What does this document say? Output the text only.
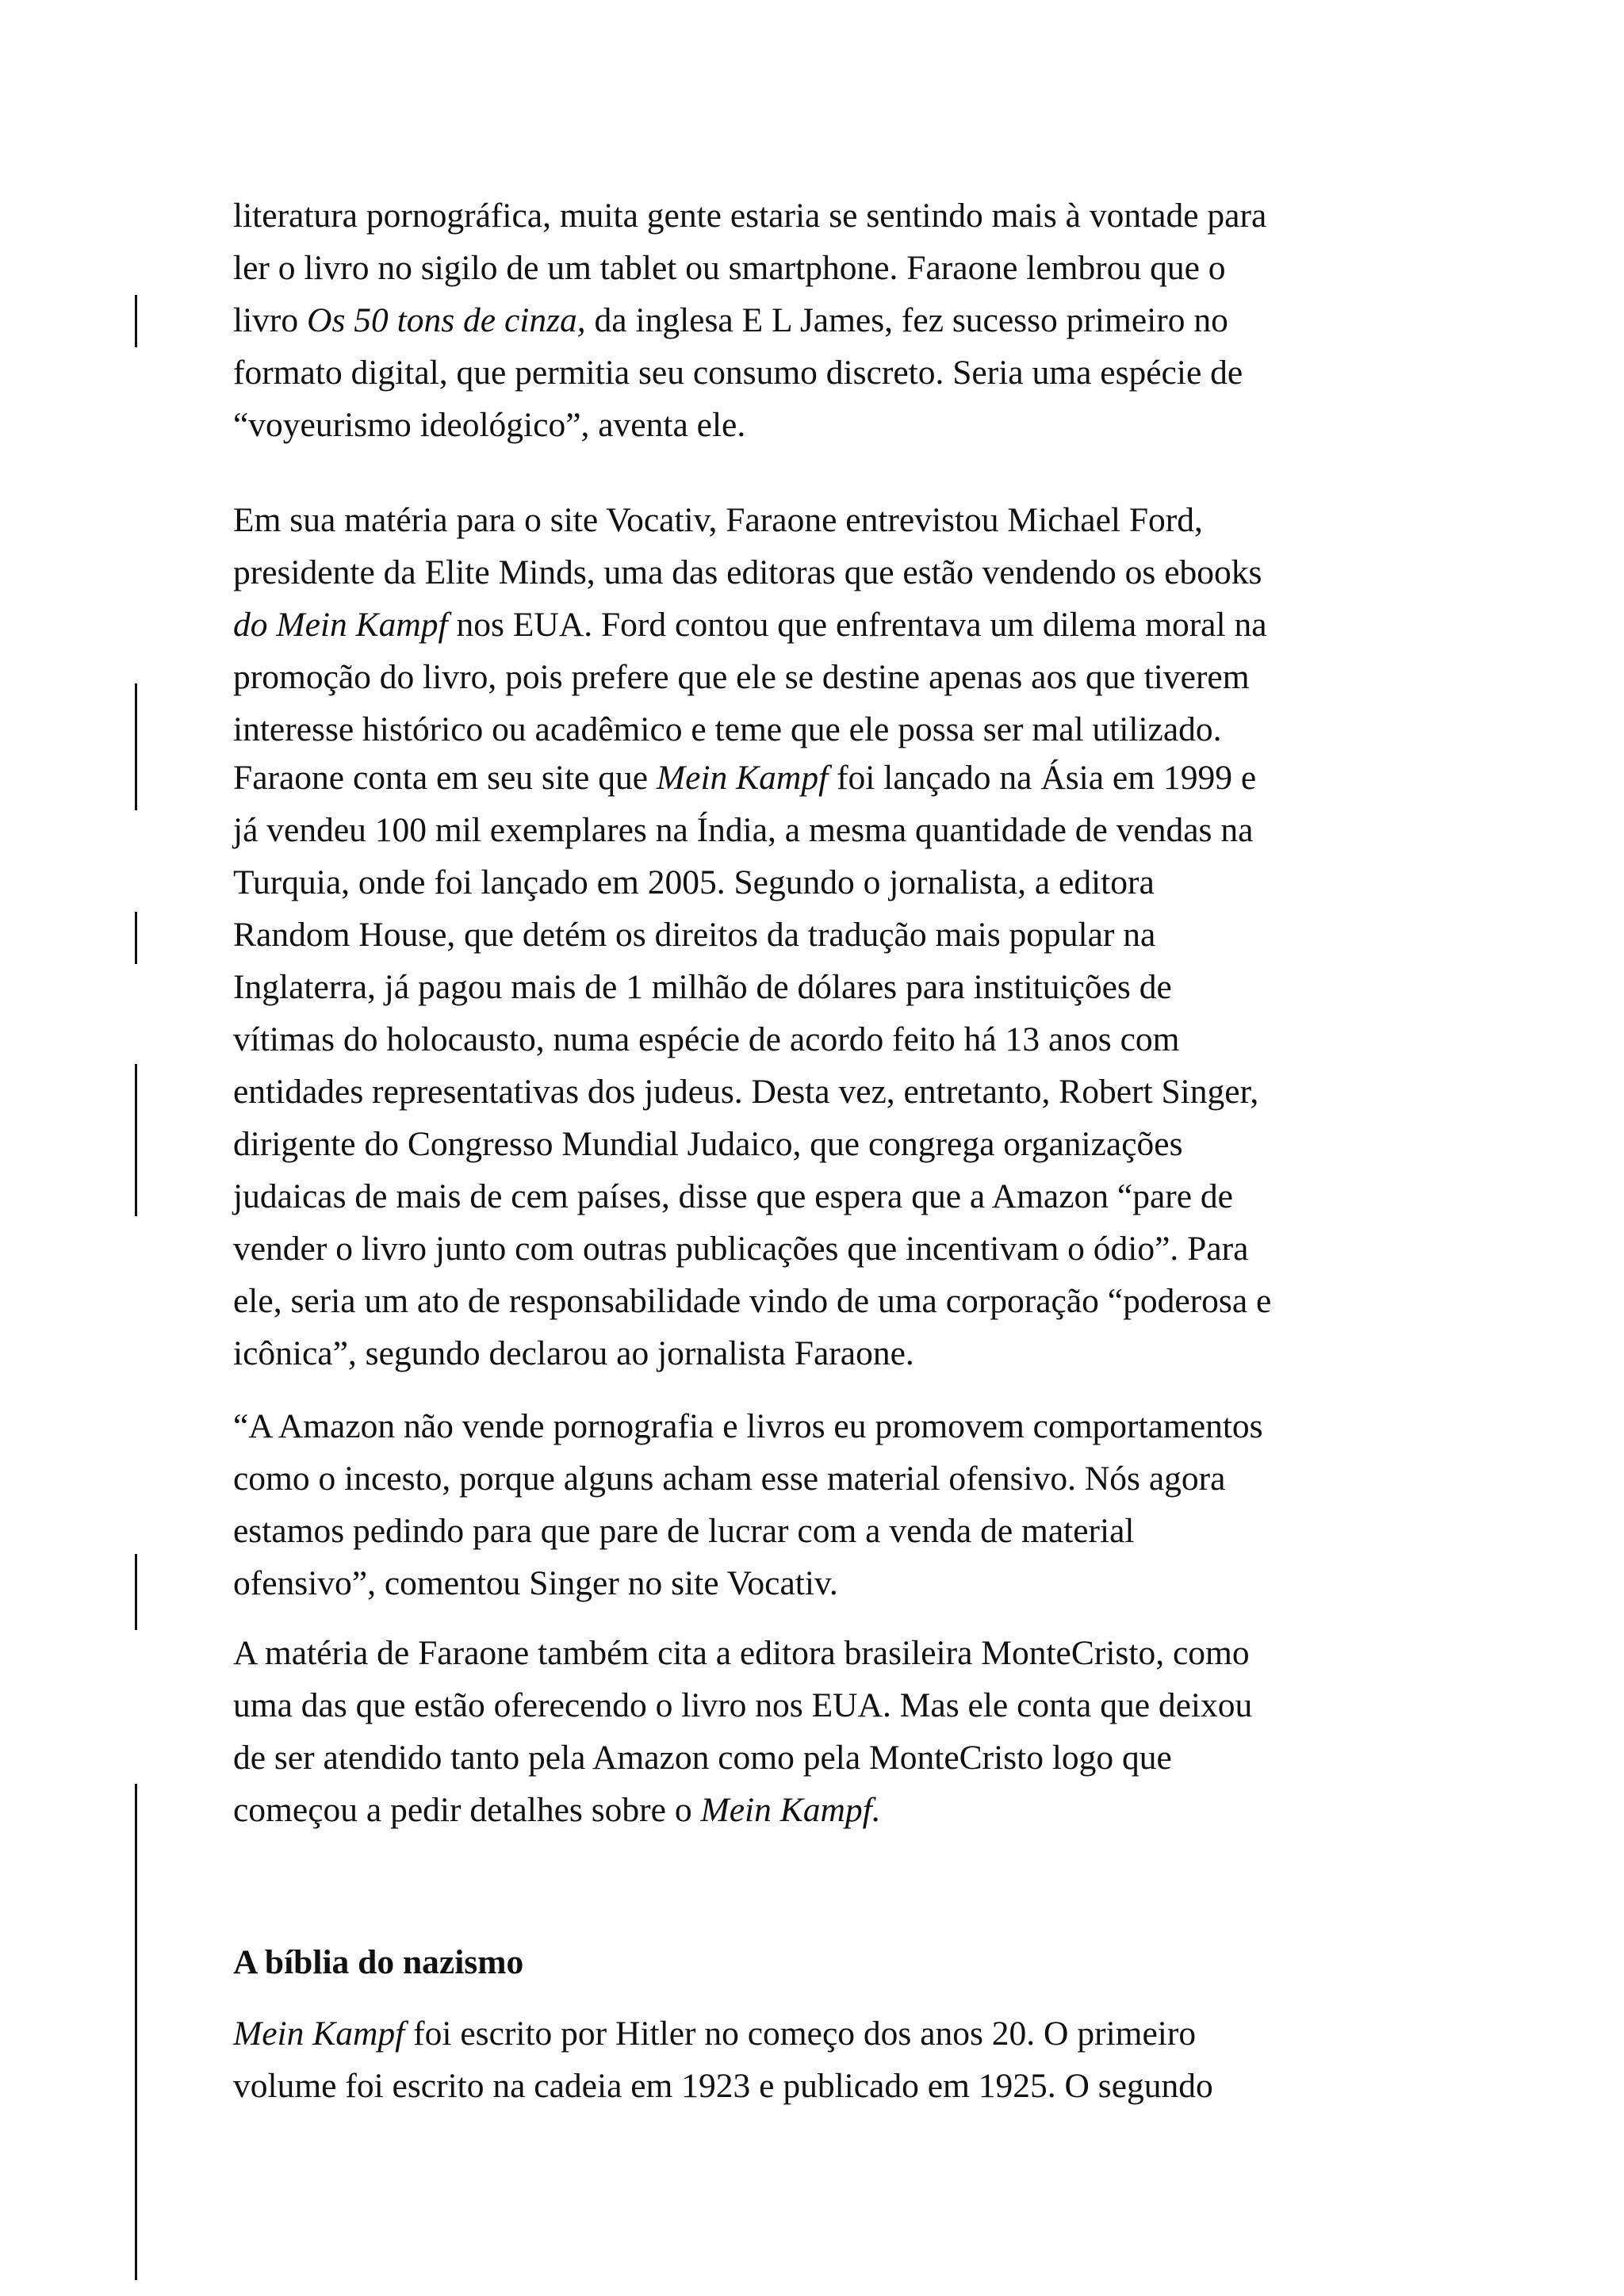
literatura pornográfica, muita gente estaria se sentindo mais à vontade para
ler o livro no sigilo de um tablet ou smartphone. Faraone lembrou que o
livro Os 50 tons de cinza, da inglesa E L James, fez sucesso primeiro no
formato digital, que permitia seu consumo discreto. Seria uma espécie de
“voyeurismo ideológico”, aventa ele.

Em sua matéria para o site Vocativ, Faraone entrevistou Michael Ford,
presidente da Elite Minds, uma das editoras que estão vendendo os ebooks
do Mein Kampf nos EUA. Ford contou que enfrentava um dilema moral na
promoção do livro, pois prefere que ele se destine apenas aos que tiverem
interesse histórico ou acadêmico e teme que ele possa ser mal utilizado.

Faraone conta em seu site que Mein Kampf foi lançado na Ásia em 1999 e
já vendeu 100 mil exemplares na Índia, a mesma quantidade de vendas na
Turquia, onde foi lançado em 2005. Segundo o jornalista, a editora
Random House, que detém os direitos da tradução mais popular na
Inglaterra, já pagou mais de 1 milhão de dólares para instituições de
vítimas do holocausto, numa espécie de acordo feito há 13 anos com
entidades representativas dos judeus. Desta vez, entretanto, Robert Singer,
dirigente do Congresso Mundial Judaico, que congrega organizações
judaicas de mais de cem países, disse que espera que a Amazon “pare de
vender o livro junto com outras publicações que incentivam o ódio”. Para
ele, seria um ato de responsabilidade vindo de uma corporação “poderosa e
icônica”, segundo declarou ao jornalista Faraone.

“A Amazon não vende pornografia e livros eu promovem comportamentos
como o incesto, porque alguns acham esse material ofensivo. Nós agora
estamos pedindo para que pare de lucrar com a venda de material
ofensivo”, comentou Singer no site Vocativ.

A matéria de Faraone também cita a editora brasileira MonteCristo, como
uma das que estão oferecendo o livro nos EUA. Mas ele conta que deixou
de ser atendido tanto pela Amazon como pela MonteCristo logo que
começou a pedir detalhes sobre o Mein Kampf.

A bíblia do nazismo

Mein Kampf foi escrito por Hitler no começo dos anos 20. O primeiro
volume foi escrito na cadeia em 1923 e publicado em 1925. O segundo
